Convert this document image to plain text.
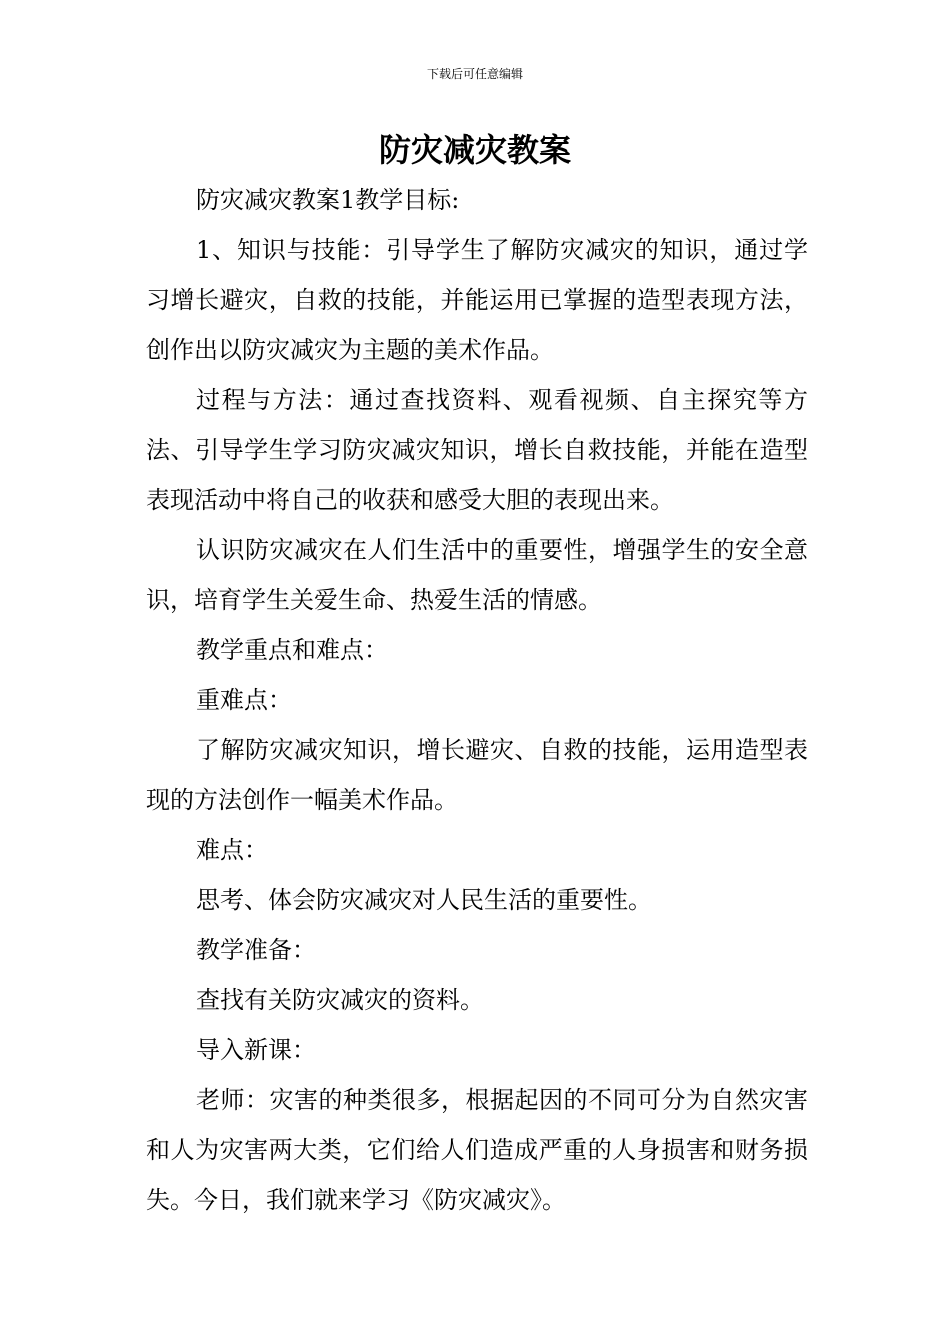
下载后可任意编辑
防灾减灾教案

防灾减灾教案1教学目标:

1、知识与技能：引导学生了解防灾减灾的知识，通过学习增长避灾，自救的技能，并能运用已掌握的造型表现方法，创作出以防灾减灾为主题的美术作品。

过程与方法：通过查找资料、观看视频、自主探究等方法、引导学生学习防灾减灾知识，增长自救技能，并能在造型表现活动中将自己的收获和感受大胆的表现出来。

认识防灾减灾在人们生活中的重要性，增强学生的安全意识，培育学生关爱生命、热爱生活的情感。

教学重点和难点：

重难点：

了解防灾减灾知识，增长避灾、自救的技能，运用造型表现的方法创作一幅美术作品。

难点：

思考、体会防灾减灾对人民生活的重要性。

教学准备：

查找有关防灾减灾的资料。

导入新课：

老师：灾害的种类很多，根据起因的不同可分为自然灾害和人为灾害两大类，它们给人们造成严重的人身损害和财务损失。今日，我们就来学习《防灾减灾》。
